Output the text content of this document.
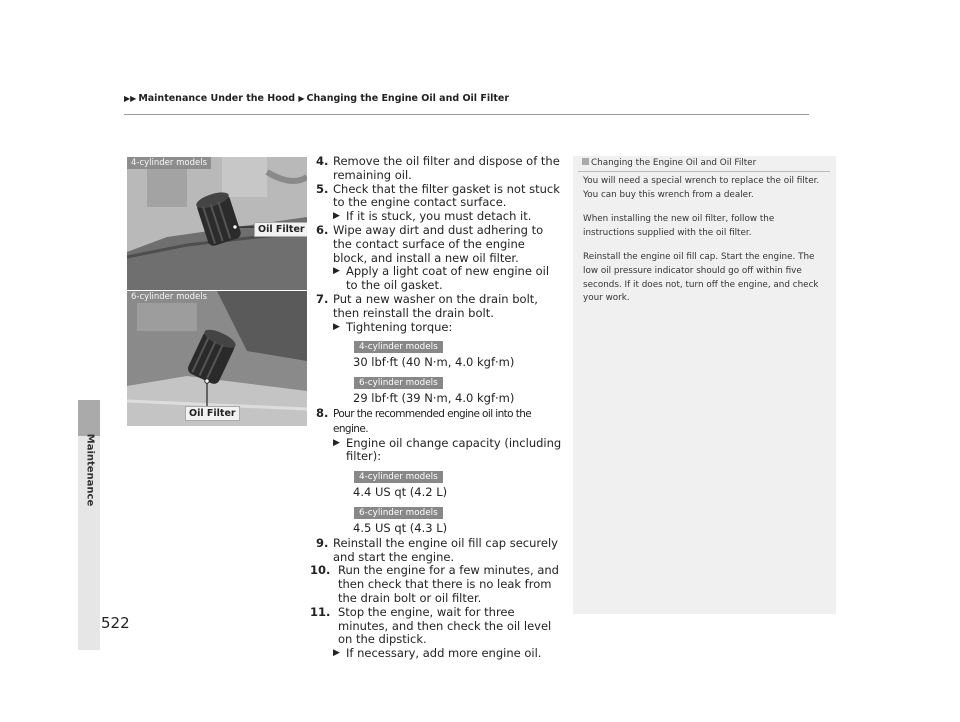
▶▶ Maintenance Under the Hood ▶ Changing the Engine Oil and Oil Filter
Maintenance
522
4-cylinder models
Oil Filter
6-cylinder models
Oil Filter
4. Remove the oil filter and dispose of the remaining oil.
5. Check that the filter gasket is not stuck to the engine contact surface.
▶ If it is stuck, you must detach it.
6. Wipe away dirt and dust adhering to the contact surface of the engine block, and install a new oil filter.
▶ Apply a light coat of new engine oil to the oil gasket.
7. Put a new washer on the drain bolt, then reinstall the drain bolt.
▶ Tightening torque:
4-cylinder models
30 lbf·ft (40 N·m, 4.0 kgf·m)
6-cylinder models
29 lbf·ft (39 N·m, 4.0 kgf·m)
8. Pour the recommended engine oil into the engine.
▶ Engine oil change capacity (including filter):
4-cylinder models
4.4 US qt (4.2 L)
6-cylinder models
4.5 US qt (4.3 L)
9. Reinstall the engine oil fill cap securely and start the engine.
10. Run the engine for a few minutes, and then check that there is no leak from the drain bolt or oil filter.
11. Stop the engine, wait for three minutes, and then check the oil level on the dipstick.
▶ If necessary, add more engine oil.
Changing the Engine Oil and Oil Filter

You will need a special wrench to replace the oil filter. You can buy this wrench from a dealer.

When installing the new oil filter, follow the instructions supplied with the oil filter.

Reinstall the engine oil fill cap. Start the engine. The low oil pressure indicator should go off within five seconds. If it does not, turn off the engine, and check your work.
